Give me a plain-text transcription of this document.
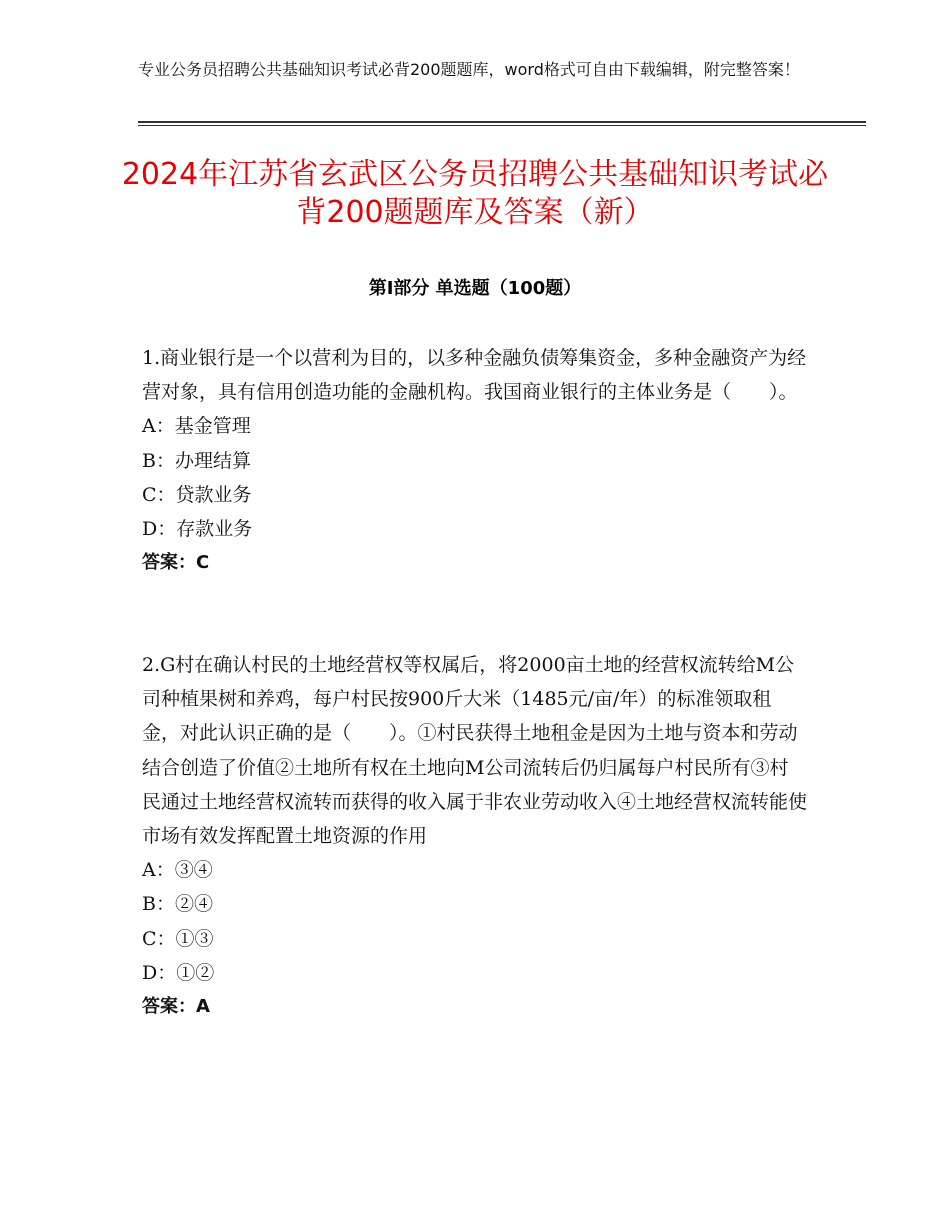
专业公务员招聘公共基础知识考试必背200题题库，word格式可自由下载编辑，附完整答案！
2024年江苏省玄武区公务员招聘公共基础知识考试必背200题题库及答案（新）
第Ⅰ部分 单选题（100题）

1.商业银行是一个以营利为目的，以多种金融负债筹集资金，多种金融资产为经营对象，具有信用创造功能的金融机构。我国商业银行的主体业务是（　　）。

A：基金管理

B：办理结算

C：贷款业务

D：存款业务

答案：C

2.G村在确认村民的土地经营权等权属后，将2000亩土地的经营权流转给M公司种植果树和养鸡，每户村民按900斤大米（1485元/亩/年）的标准领取租金，对此认识正确的是（　　）。①村民获得土地租金是因为土地与资本和劳动结合创造了价值②土地所有权在土地向M公司流转后仍归属每户村民所有③村民通过土地经营权流转而获得的收入属于非农业劳动收入④土地经营权流转能使市场有效发挥配置土地资源的作用

A：③④

B：②④

C：①③

D：①②

答案：A
